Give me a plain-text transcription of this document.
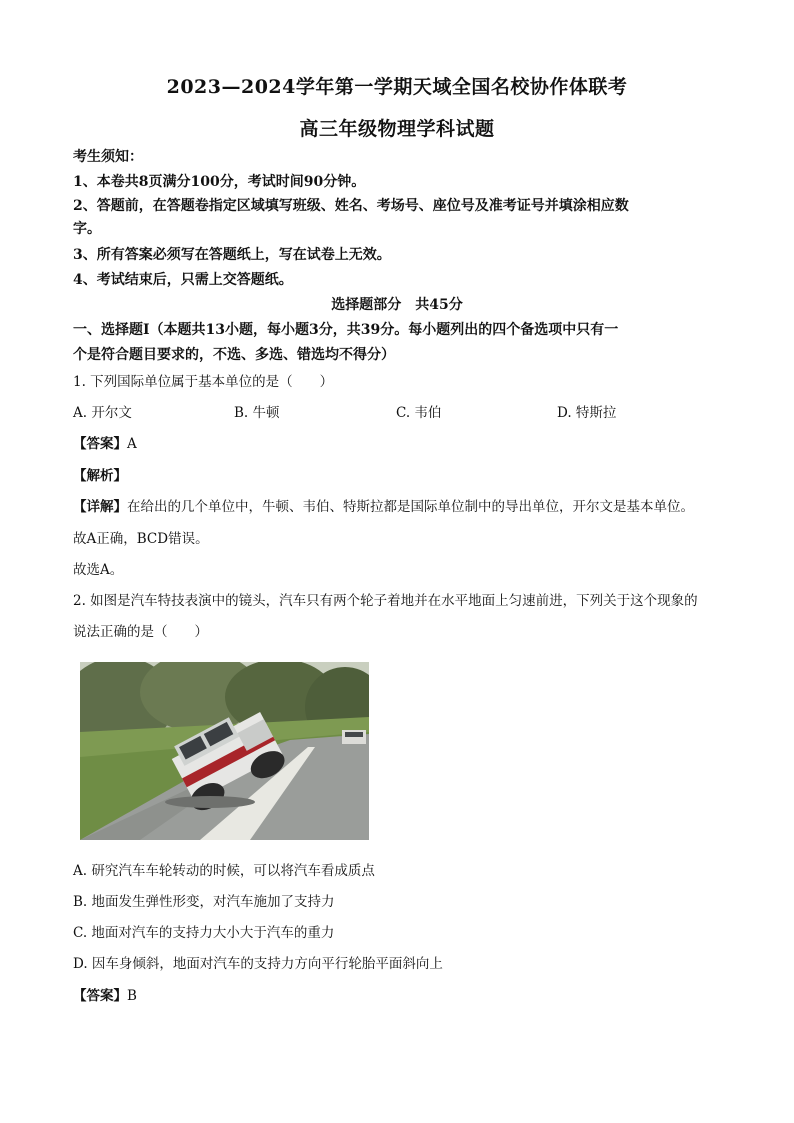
2023—2024学年第一学期天域全国名校协作体联考
高三年级物理学科试题
考生须知：
1、本卷共8页满分100分，考试时间90分钟。
2、答题前，在答题卷指定区域填写班级、姓名、考场号、座位号及准考证号并填涂相应数
字。
3、所有答案必须写在答题纸上，写在试卷上无效。
4、考试结束后，只需上交答题纸。
选择题部分　共45分
一、选择题Ⅰ（本题共13小题，每小题3分，共39分。每小题列出的四个备选项中只有一
个是符合题目要求的，不选、多选、错选均不得分）
1. 下列国际单位属于基本单位的是（　　）
A. 开尔文	B. 牛顿	C. 韦伯	D. 特斯拉
【答案】A
【解析】
【详解】在给出的几个单位中，牛顿、韦伯、特斯拉都是国际单位制中的导出单位，开尔文是基本单位。
故A正确，BCD错误。
故选A。
2. 如图是汽车特技表演中的镜头，汽车只有两个轮子着地并在水平地面上匀速前进，下列关于这个现象的
说法正确的是（　　）
A. 研究汽车车轮转动的时候，可以将汽车看成质点
B. 地面发生弹性形变，对汽车施加了支持力
C. 地面对汽车的支持力大小大于汽车的重力
D. 因车身倾斜，地面对汽车的支持力方向平行轮胎平面斜向上
【答案】B
